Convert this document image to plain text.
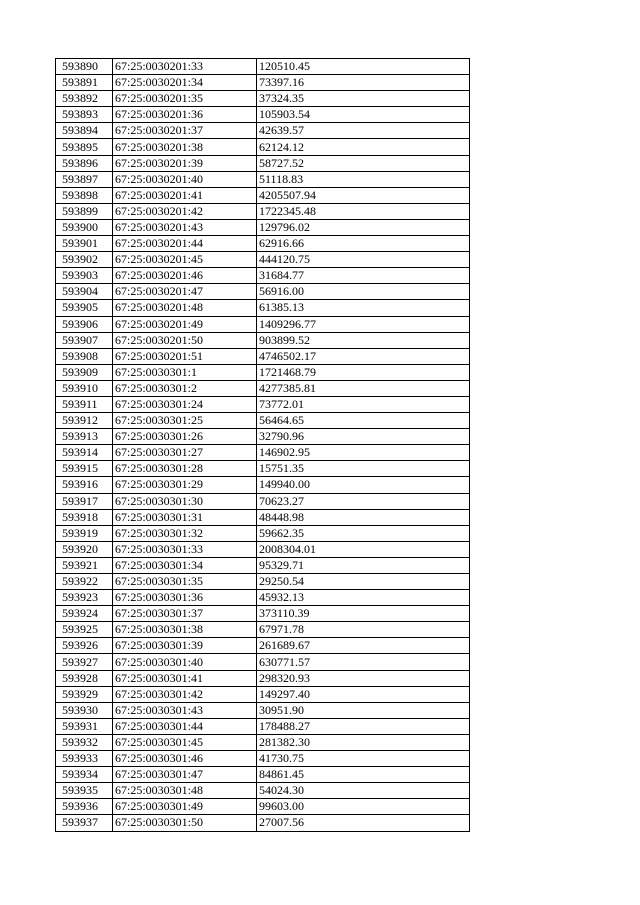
593890	67:25:0030201:33	120510.45
593891	67:25:0030201:34	73397.16
593892	67:25:0030201:35	37324.35
593893	67:25:0030201:36	105903.54
593894	67:25:0030201:37	42639.57
593895	67:25:0030201:38	62124.12
593896	67:25:0030201:39	58727.52
593897	67:25:0030201:40	51118.83
593898	67:25:0030201:41	4205507.94
593899	67:25:0030201:42	1722345.48
593900	67:25:0030201:43	129796.02
593901	67:25:0030201:44	62916.66
593902	67:25:0030201:45	444120.75
593903	67:25:0030201:46	31684.77
593904	67:25:0030201:47	56916.00
593905	67:25:0030201:48	61385.13
593906	67:25:0030201:49	1409296.77
593907	67:25:0030201:50	903899.52
593908	67:25:0030201:51	4746502.17
593909	67:25:0030301:1	1721468.79
593910	67:25:0030301:2	4277385.81
593911	67:25:0030301:24	73772.01
593912	67:25:0030301:25	56464.65
593913	67:25:0030301:26	32790.96
593914	67:25:0030301:27	146902.95
593915	67:25:0030301:28	15751.35
593916	67:25:0030301:29	149940.00
593917	67:25:0030301:30	70623.27
593918	67:25:0030301:31	48448.98
593919	67:25:0030301:32	59662.35
593920	67:25:0030301:33	2008304.01
593921	67:25:0030301:34	95329.71
593922	67:25:0030301:35	29250.54
593923	67:25:0030301:36	45932.13
593924	67:25:0030301:37	373110.39
593925	67:25:0030301:38	67971.78
593926	67:25:0030301:39	261689.67
593927	67:25:0030301:40	630771.57
593928	67:25:0030301:41	298320.93
593929	67:25:0030301:42	149297.40
593930	67:25:0030301:43	30951.90
593931	67:25:0030301:44	178488.27
593932	67:25:0030301:45	281382.30
593933	67:25:0030301:46	41730.75
593934	67:25:0030301:47	84861.45
593935	67:25:0030301:48	54024.30
593936	67:25:0030301:49	99603.00
593937	67:25:0030301:50	27007.56
